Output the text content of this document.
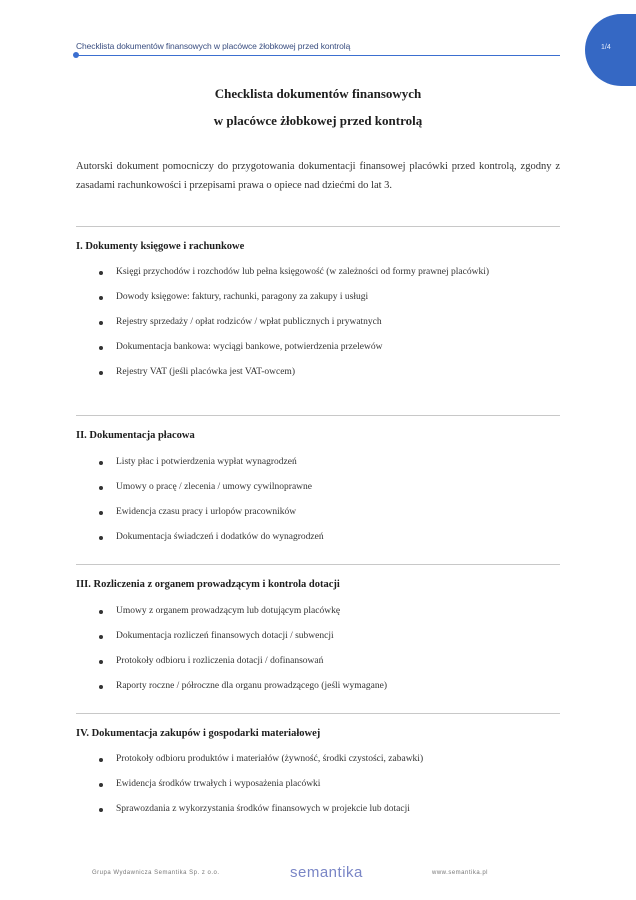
1/4
Checklista dokumentów finansowych w placówce żłobkowej przed kontrolą
Checklista dokumentów finansowych
w placówce żłobkowej przed kontrolą
Autorski dokument pomocniczy do przygotowania dokumentacji finansowej placówki przed kontrolą, zgodny z zasadami rachunkowości i przepisami prawa o opiece nad dziećmi do lat 3.
I. Dokumenty księgowe i rachunkowe
Księgi przychodów i rozchodów lub pełna księgowość (w zależności od formy prawnej placówki)
Dowody księgowe: faktury, rachunki, paragony za zakupy i usługi
Rejestry sprzedaży / opłat rodziców / wpłat publicznych i prywatnych
Dokumentacja bankowa: wyciągi bankowe, potwierdzenia przelewów
Rejestry VAT (jeśli placówka jest VAT-owcem)
II. Dokumentacja płacowa
Listy płac i potwierdzenia wypłat wynagrodzeń
Umowy o pracę / zlecenia / umowy cywilnoprawne
Ewidencja czasu pracy i urlopów pracowników
Dokumentacja świadczeń i dodatków do wynagrodzeń
III. Rozliczenia z organem prowadzącym i kontrola dotacji
Umowy z organem prowadzącym lub dotującym placówkę
Dokumentacja rozliczeń finansowych dotacji / subwencji
Protokoły odbioru i rozliczenia dotacji / dofinansowań
Raporty roczne / półroczne dla organu prowadzącego (jeśli wymagane)
IV. Dokumentacja zakupów i gospodarki materiałowej
Protokoły odbioru produktów i materiałów (żywność, środki czystości, zabawki)
Ewidencja środków trwałych i wyposażenia placówki
Sprawozdania z wykorzystania środków finansowych w projekcie lub dotacji
Grupa Wydawnicza Semantika Sp. z o.o.	semantika	www.semantika.pl
